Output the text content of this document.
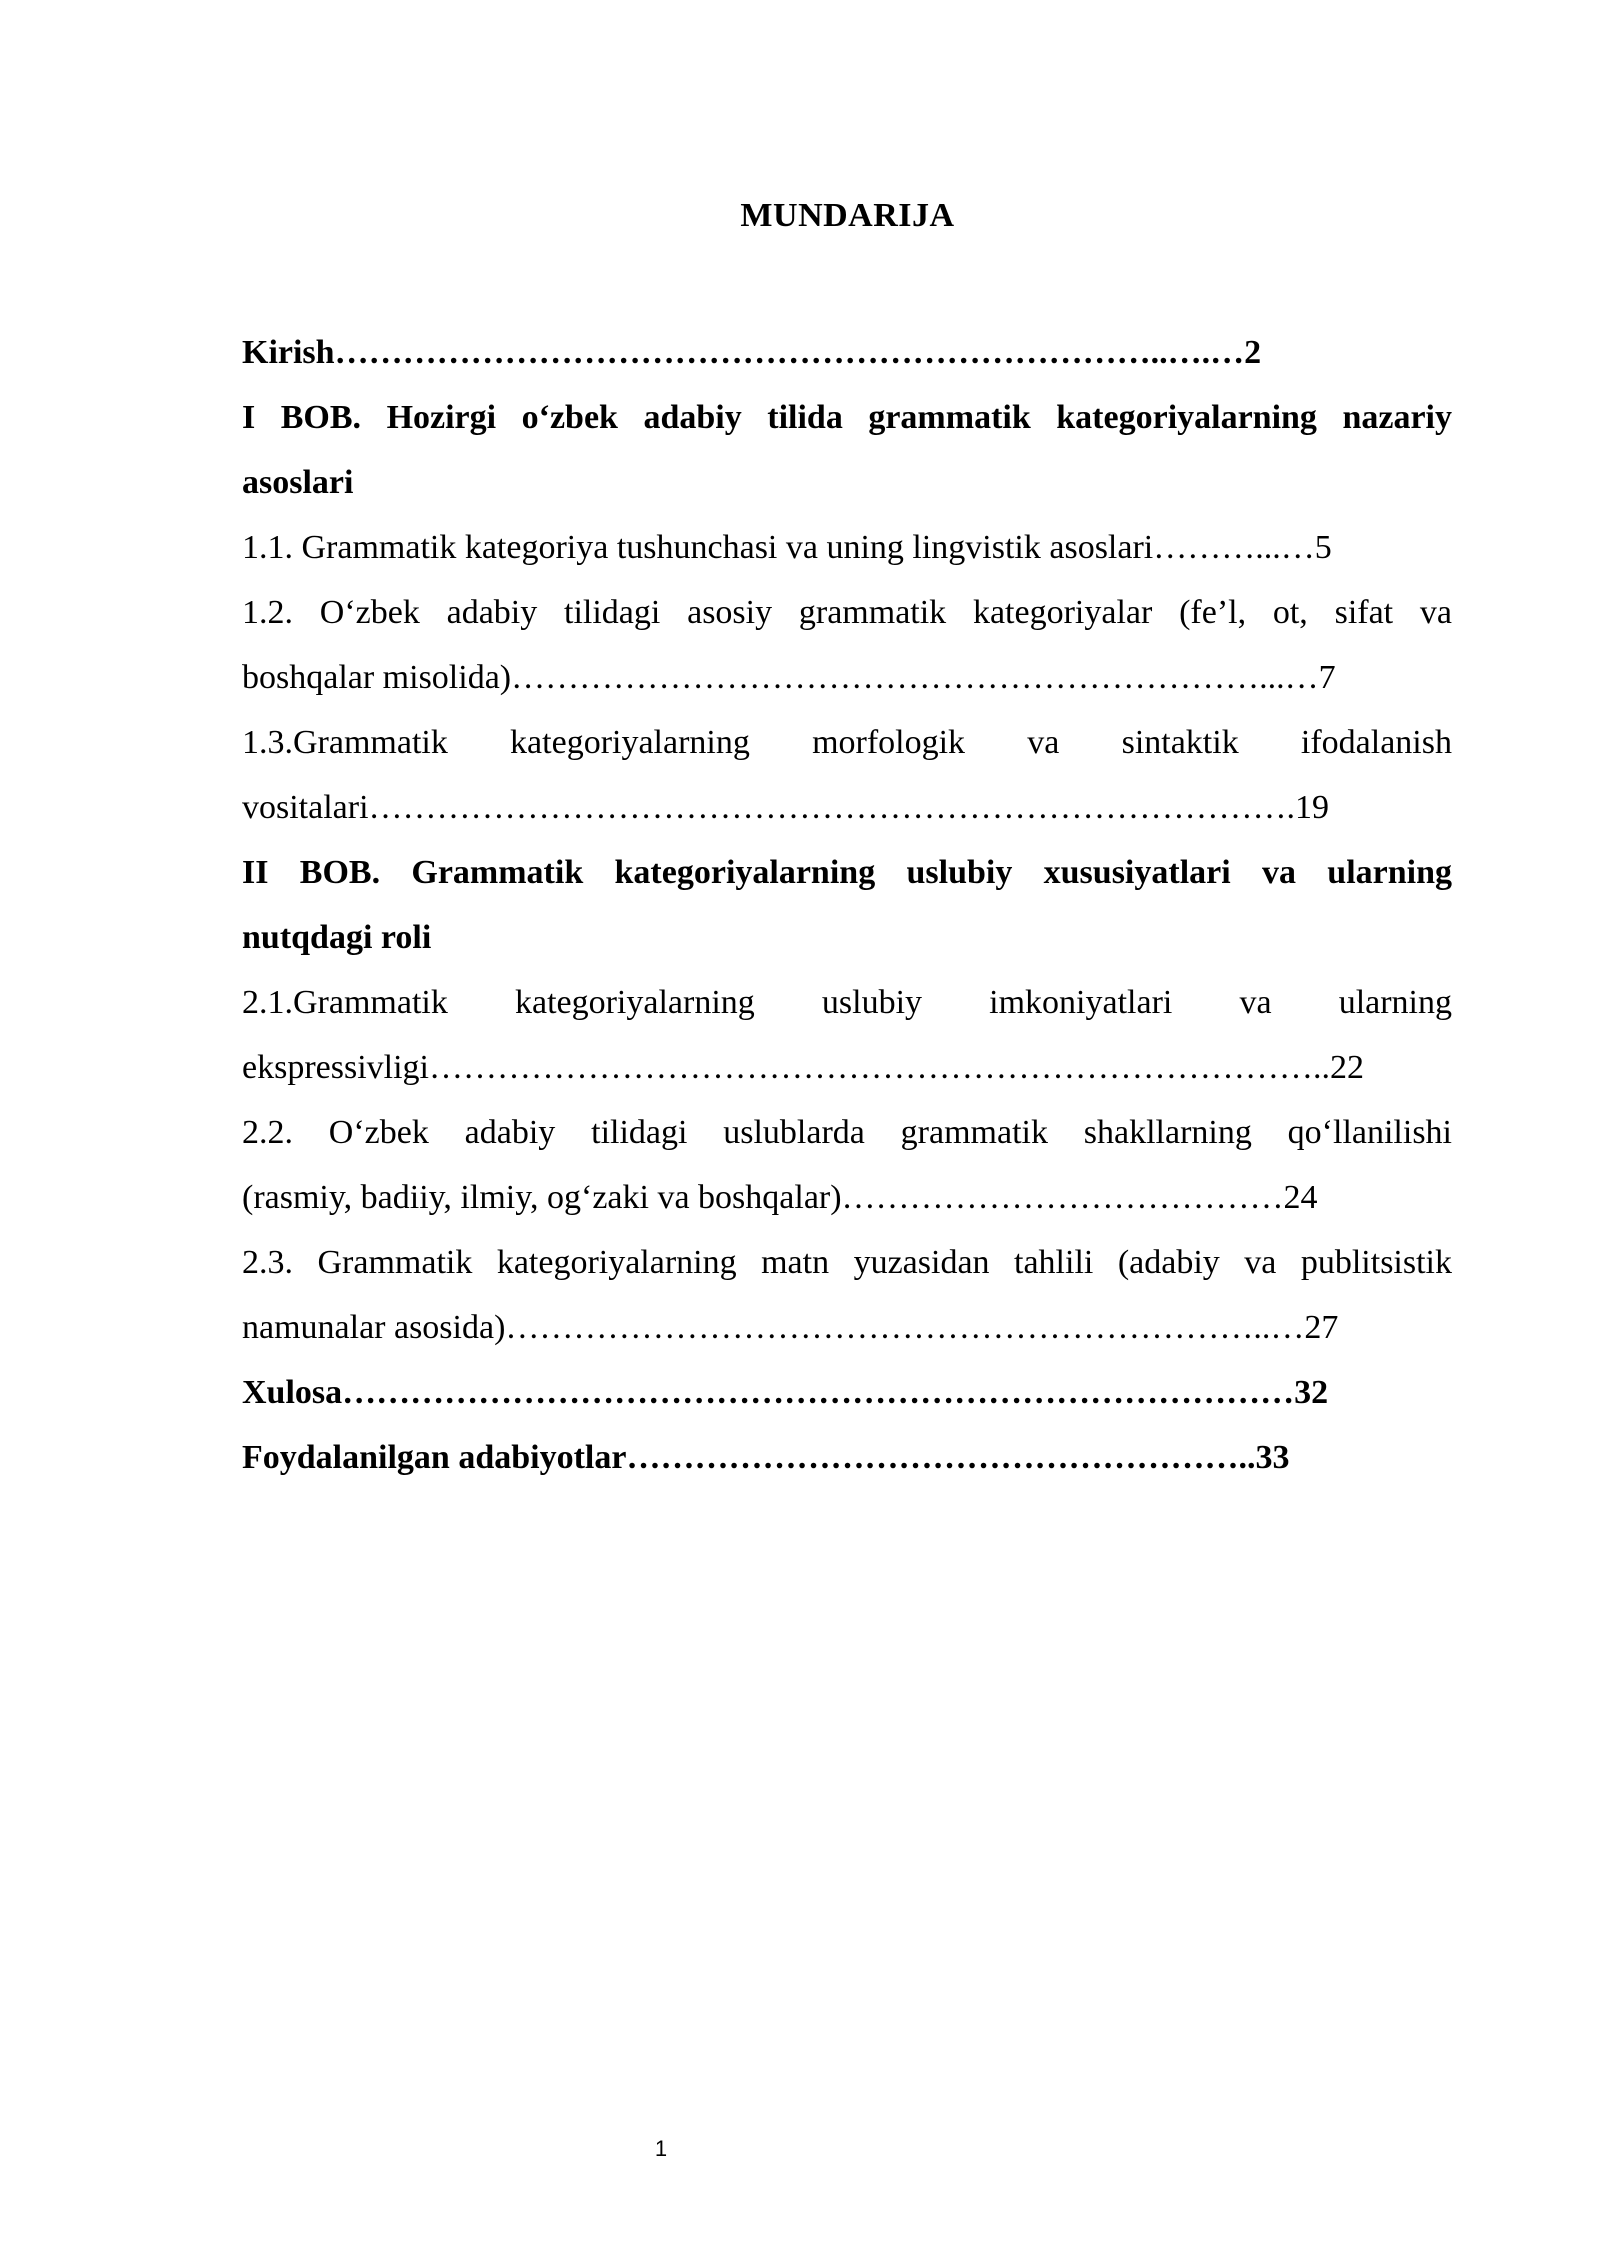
MUNDARIJA
Kirish………………………………………………………………..….…2
I BOB. Hozirgi o‘zbek adabiy tilida grammatik kategoriyalarning nazariy
asoslari
1.1. Grammatik kategoriya tushunchasi va uning lingvistik asoslari………...…5
1.2. O‘zbek adabiy tilidagi asosiy grammatik kategoriyalar (fe’l, ot, sifat va
boshqalar misolida)…………………………………………………………...…7
1.3.Grammatik kategoriyalarning morfologik va sintaktik ifodalanish
vositalari……………………………………………………………………….19
II BOB. Grammatik kategoriyalarning uslubiy xususiyatlari va ularning
nutqdagi roli
2.1.Grammatik kategoriyalarning uslubiy imkoniyatlari va ularning
ekspressivligi……………………………………………………………………..22
2.2. O‘zbek adabiy tilidagi uslublarda grammatik shakllarning qo‘llanilishi
(rasmiy, badiiy, ilmiy, og‘zaki va boshqalar)…………………………………24
2.3. Grammatik kategoriyalarning matn yuzasidan tahlili (adabiy va publitsistik
namunalar asosida)…………………………………………………………..…27
Xulosa…………………………………………………………………………32
Foydalanilgan adabiyotlar………………………………………………..33
1
